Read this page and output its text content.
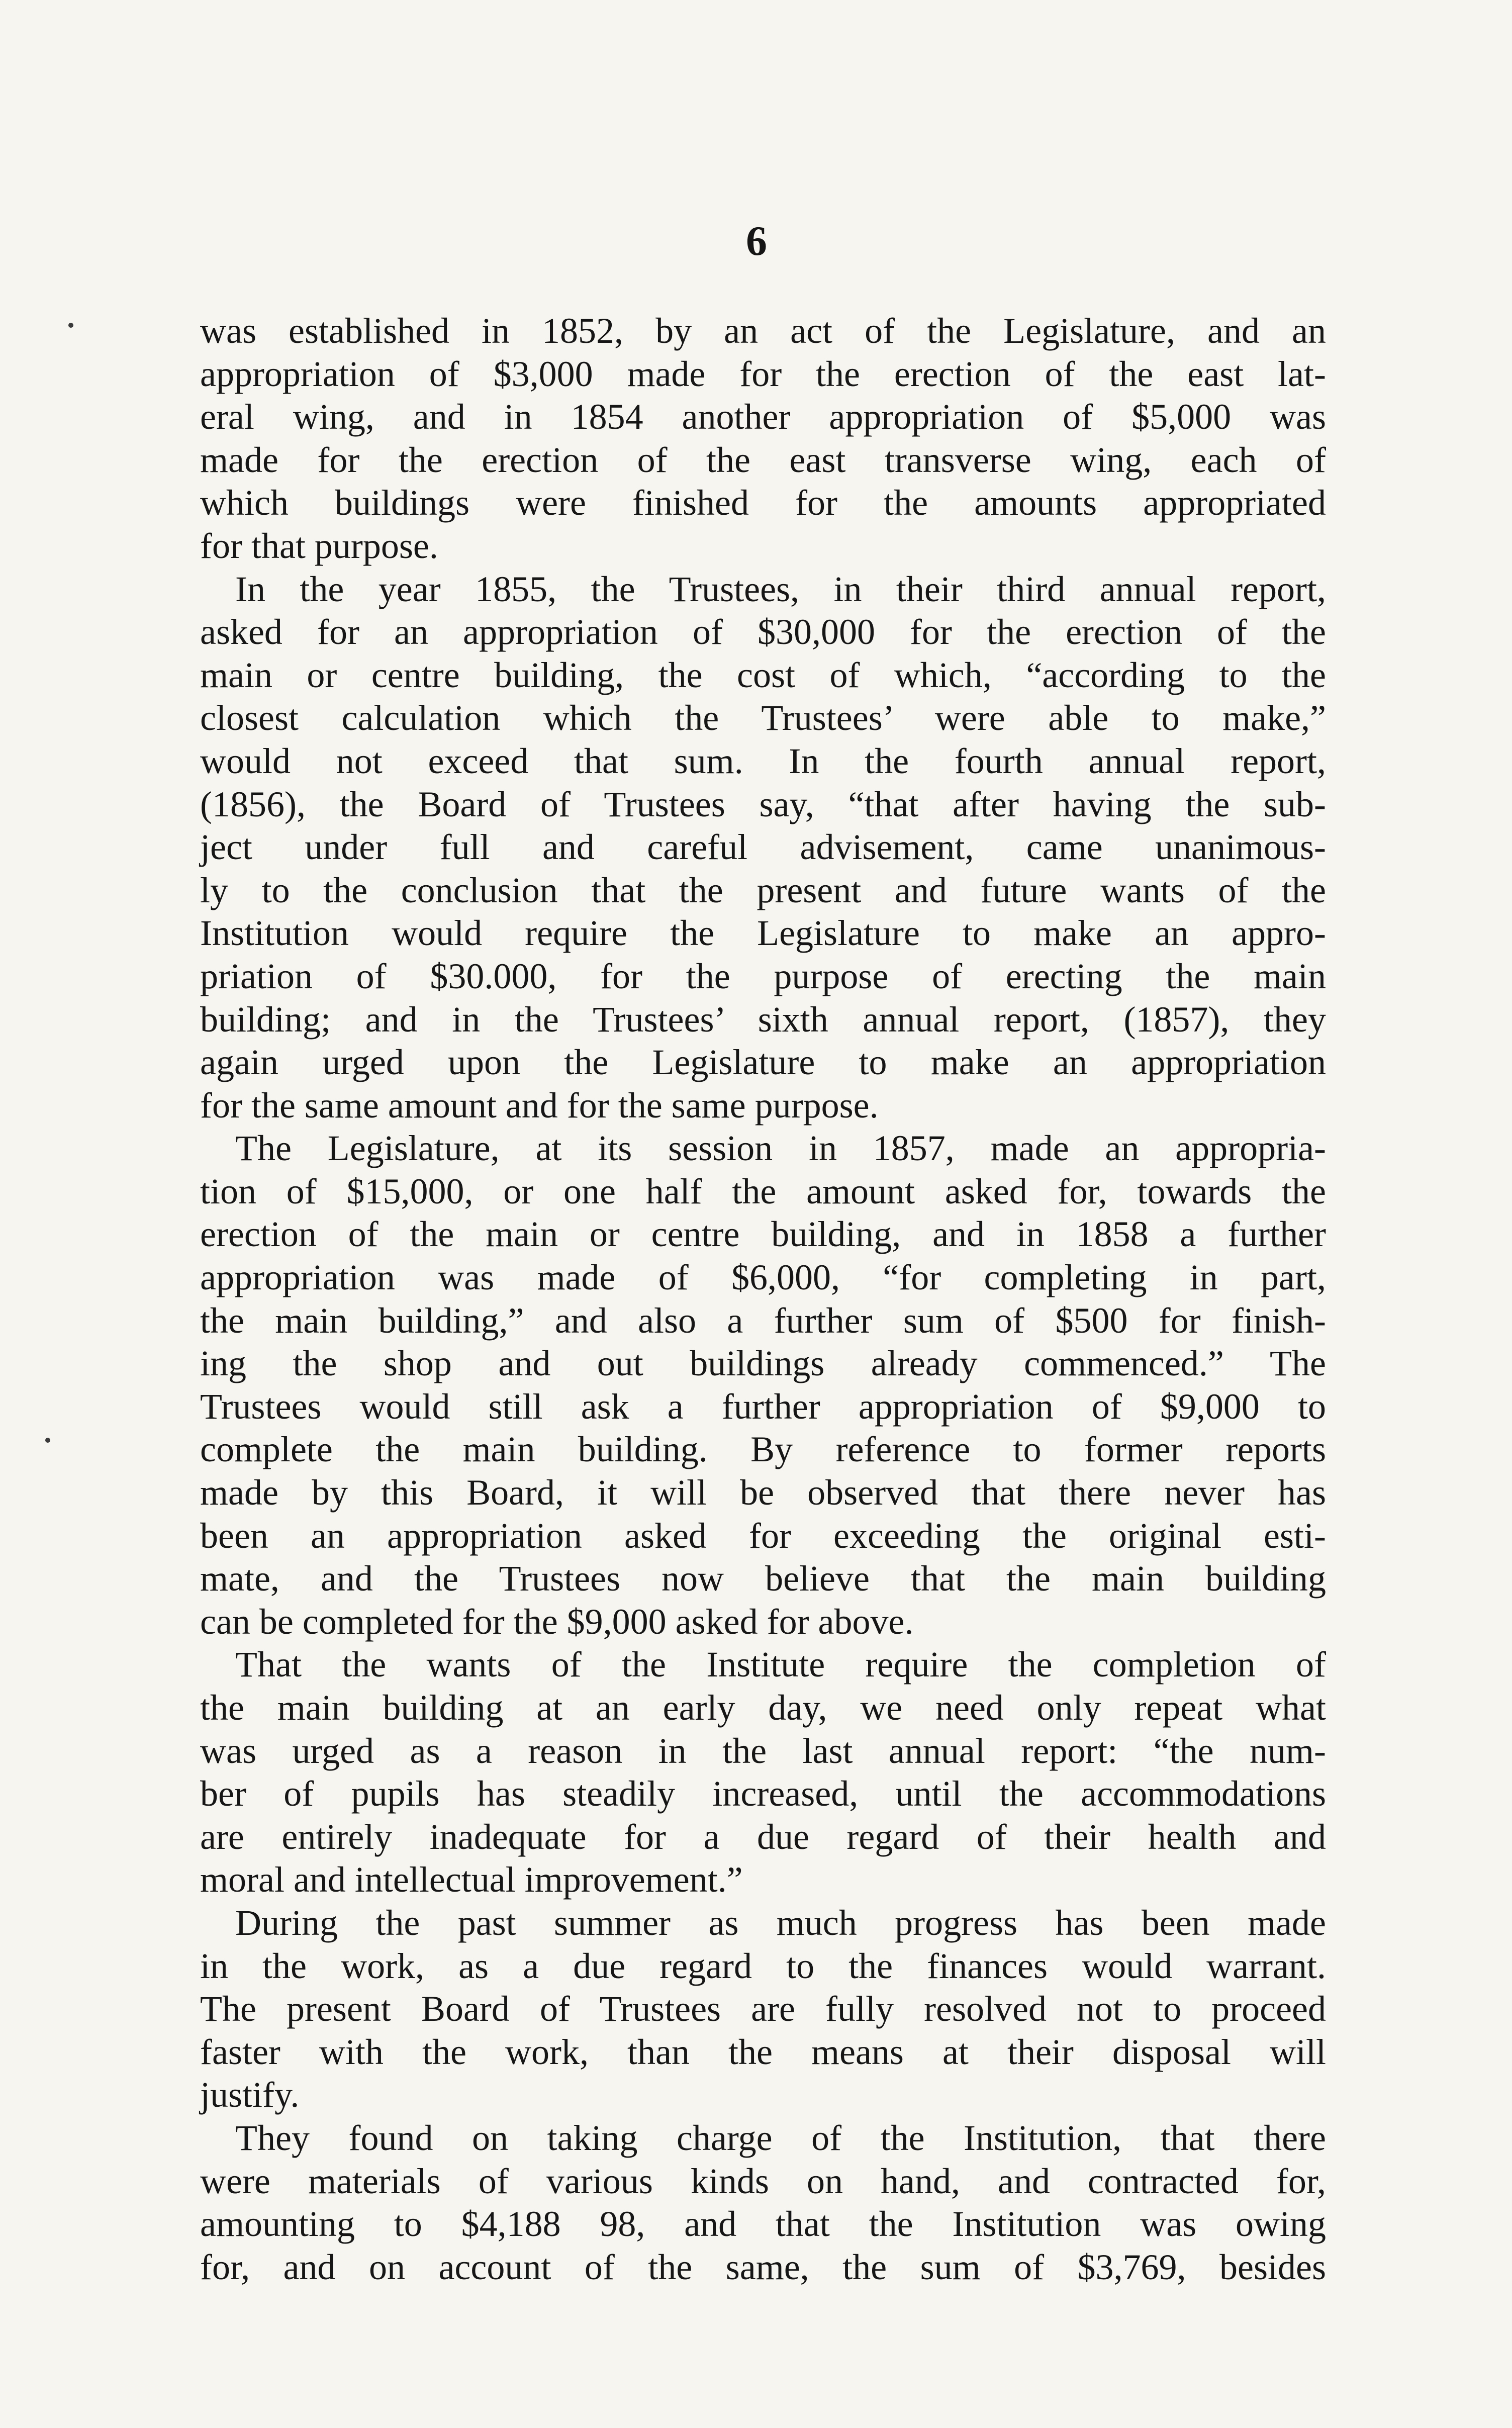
6
was established in 1852, by an act of the Legislature, and an
appropriation of $3,000 made for the erection of the east lat-
eral wing, and in 1854 another appropriation of $5,000 was
made for the erection of the east transverse wing, each of
which buildings were finished for the amounts appropriated
for that purpose.
In the year 1855, the Trustees, in their third annual report,
asked for an appropriation of $30,000 for the erection of the
main or centre building, the cost of which, “according to the
closest calculation which the Trustees’ were able to make,”
would not exceed that sum. In the fourth annual report,
(1856), the Board of Trustees say, “that after having the sub-
ject under full and careful advisement, came unanimous-
ly to the conclusion that the present and future wants of the
Institution would require the Legislature to make an appro-
priation of $30.000, for the purpose of erecting the main
building; and in the Trustees’ sixth annual report, (1857), they
again urged upon the Legislature to make an appropriation
for the same amount and for the same purpose.
The Legislature, at its session in 1857, made an appropria-
tion of $15,000, or one half the amount asked for, towards the
erection of the main or centre building, and in 1858 a further
appropriation was made of $6,000, “for completing in part,
the main building,” and also a further sum of $500 for finish-
ing the shop and out buildings already commenced.” The
Trustees would still ask a further appropriation of $9,000 to
complete the main building. By reference to former reports
made by this Board, it will be observed that there never has
been an appropriation asked for exceeding the original esti-
mate, and the Trustees now believe that the main building
can be completed for the $9,000 asked for above.
That the wants of the Institute require the completion of
the main building at an early day, we need only repeat what
was urged as a reason in the last annual report: “the num-
ber of pupils has steadily increased, until the accommodations
are entirely inadequate for a due regard of their health and
moral and intellectual improvement.”
During the past summer as much progress has been made
in the work, as a due regard to the finances would warrant.
The present Board of Trustees are fully resolved not to proceed
faster with the work, than the means at their disposal will
justify.
They found on taking charge of the Institution, that there
were materials of various kinds on hand, and contracted for,
amounting to $4,188 98, and that the Institution was owing
for, and on account of the same, the sum of $3,769, besides
